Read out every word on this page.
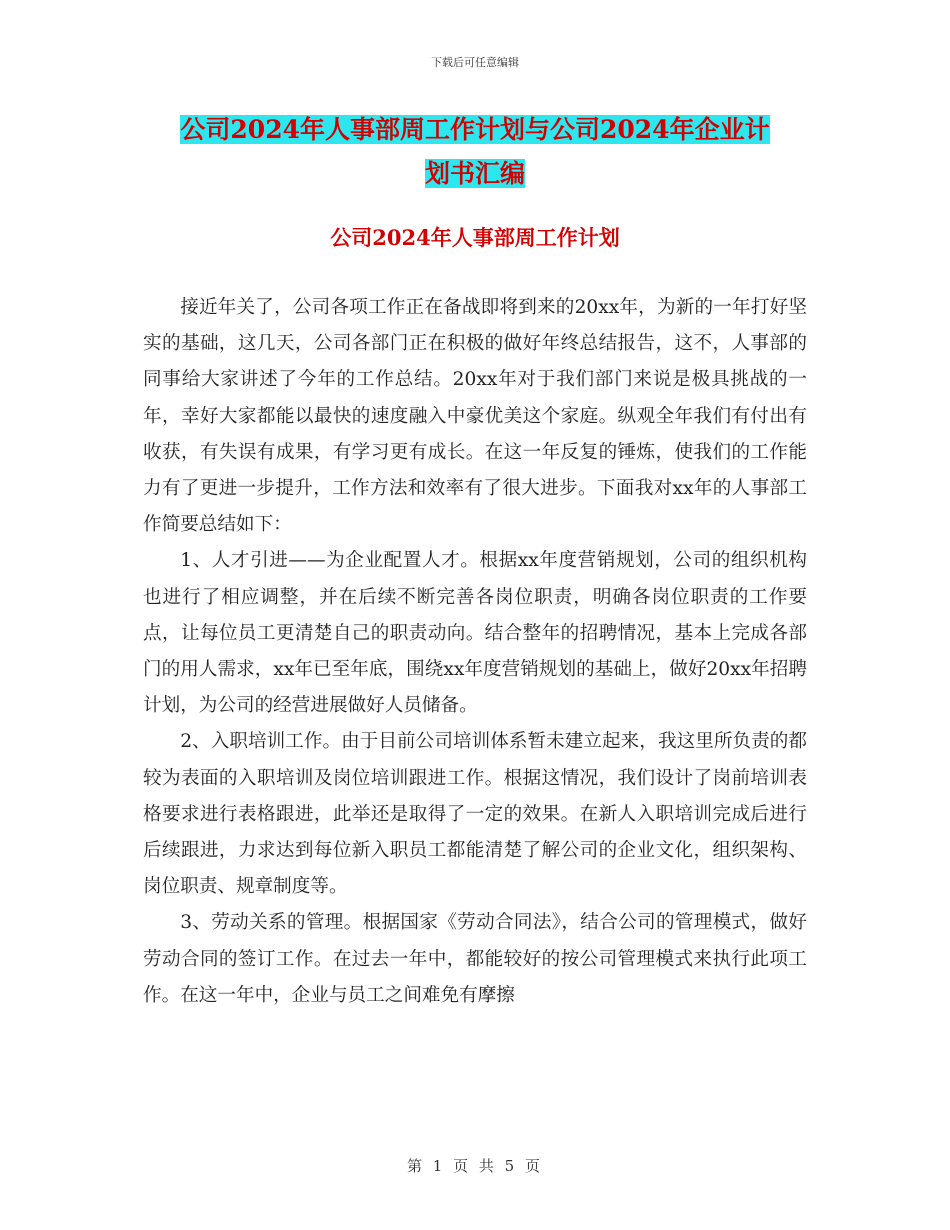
下载后可任意编辑
公司2024年人事部周工作计划与公司2024年企业计
划书汇编
公司2024年人事部周工作计划

接近年关了，公司各项工作正在备战即将到来的20xx年，为新的一年打好坚实的基础，这几天，公司各部门正在积极的做好年终总结报告，这不，人事部的同事给大家讲述了今年的工作总结。20xx年对于我们部门来说是极具挑战的一年，幸好大家都能以最快的速度融入中豪优美这个家庭。纵观全年我们有付出有收获，有失误有成果，有学习更有成长。在这一年反复的锤炼，使我们的工作能力有了更进一步提升，工作方法和效率有了很大进步。下面我对xx年的人事部工作简要总结如下：

1、人才引进——为企业配置人才。根据xx年度营销规划，公司的组织机构也进行了相应调整，并在后续不断完善各岗位职责，明确各岗位职责的工作要点，让每位员工更清楚自己的职责动向。结合整年的招聘情况，基本上完成各部门的用人需求，xx年已至年底，围绕xx年度营销规划的基础上，做好20xx年招聘计划，为公司的经营进展做好人员储备。

2、入职培训工作。由于目前公司培训体系暂未建立起来，我这里所负责的都较为表面的入职培训及岗位培训跟进工作。根据这情况，我们设计了岗前培训表格要求进行表格跟进，此举还是取得了一定的效果。在新人入职培训完成后进行后续跟进，力求达到每位新入职员工都能清楚了解公司的企业文化，组织架构、岗位职责、规章制度等。

3、劳动关系的管理。根据国家《劳动合同法》，结合公司的管理模式，做好劳动合同的签订工作。在过去一年中，都能较好的按公司管理模式来执行此项工作。在这一年中，企业与员工之间难免有摩擦

第 1 页 共 5 页
